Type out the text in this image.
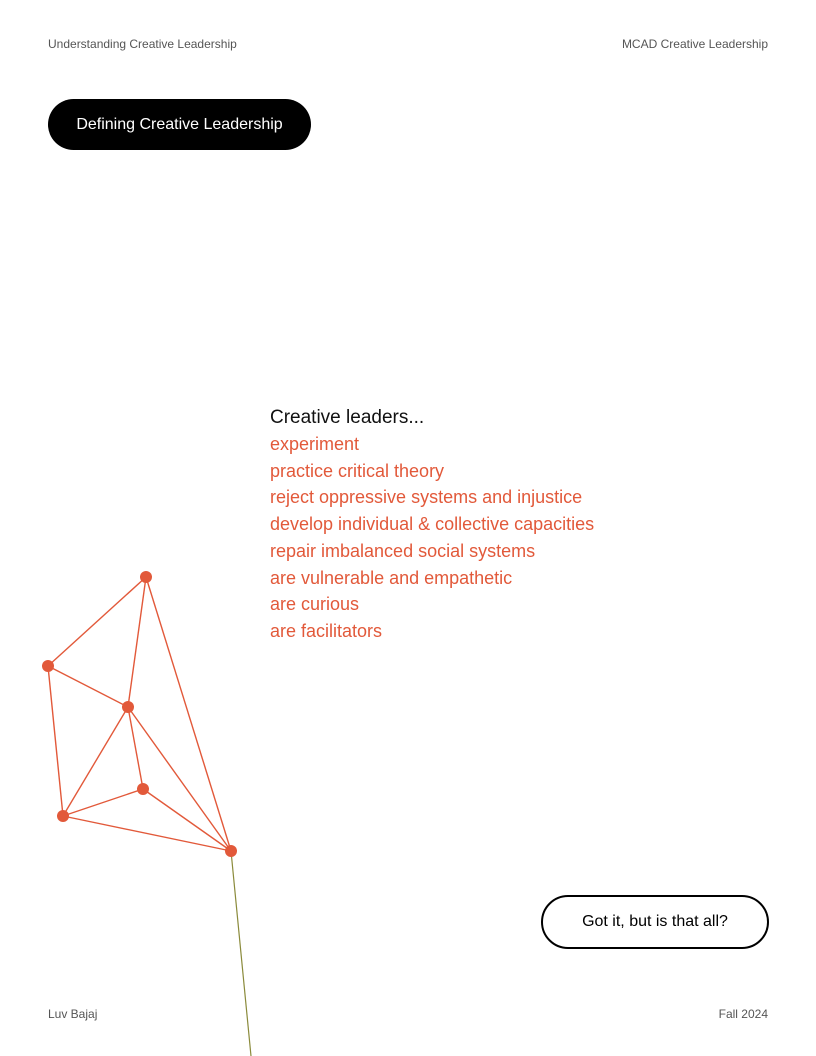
Understanding Creative Leadership	MCAD Creative Leadership
Defining Creative Leadership
Creative leaders...
experiment
practice critical theory
reject oppressive systems and injustice
develop individual & collective capacities
repair imbalanced social systems
are vulnerable and empathetic
are curious
are facilitators
Got it, but is that all?
Luv Bajaj	Fall 2024
